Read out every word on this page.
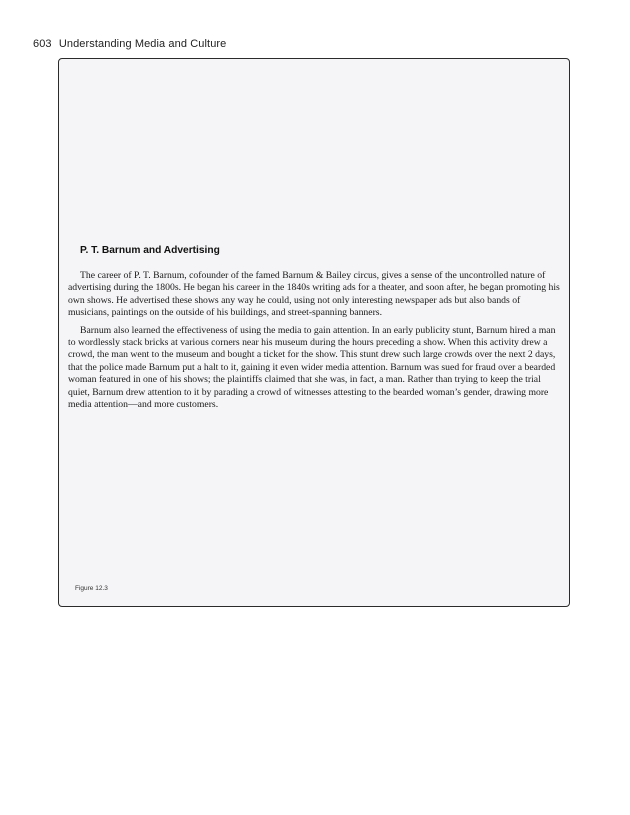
603 Understanding Media and Culture
P. T. Barnum and Advertising

The career of P. T. Barnum, cofounder of the famed Barnum & Bailey circus, gives a sense of the uncontrolled nature of advertising during the 1800s. He began his career in the 1840s writing ads for a theater, and soon after, he began promoting his own shows. He advertised these shows any way he could, using not only interesting newspaper ads but also bands of musicians, paintings on the outside of his buildings, and street-spanning banners.

Barnum also learned the effectiveness of using the media to gain attention. In an early publicity stunt, Barnum hired a man to wordlessly stack bricks at various corners near his museum during the hours preceding a show. When this activity drew a crowd, the man went to the museum and bought a ticket for the show. This stunt drew such large crowds over the next 2 days, that the police made Barnum put a halt to it, gaining it even wider media attention. Barnum was sued for fraud over a bearded woman featured in one of his shows; the plaintiffs claimed that she was, in fact, a man. Rather than trying to keep the trial quiet, Barnum drew attention to it by parading a crowd of witnesses attesting to the bearded woman’s gender, drawing more media attention—and more customers.

Figure 12.3
